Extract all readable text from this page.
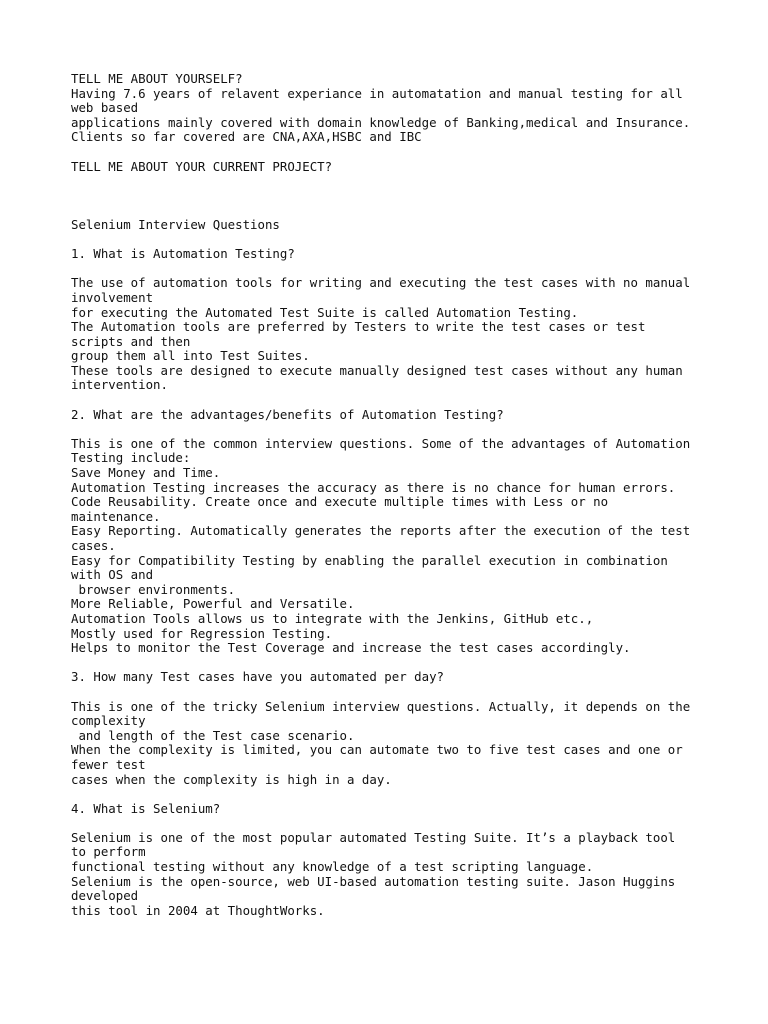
TELL ME ABOUT YOURSELF?
Having 7.6 years of relavent experiance in automatation and manual testing for all
web based
applications mainly covered with domain knowledge of Banking,medical and Insurance.
Clients so far covered are CNA,AXA,HSBC and IBC
TELL ME ABOUT YOUR CURRENT PROJECT?
Selenium Interview Questions
1. What is Automation Testing?
The use of automation tools for writing and executing the test cases with no manual
involvement
for executing the Automated Test Suite is called Automation Testing.
The Automation tools are preferred by Testers to write the test cases or test
scripts and then
group them all into Test Suites.
These tools are designed to execute manually designed test cases without any human
intervention.
2. What are the advantages/benefits of Automation Testing?
This is one of the common interview questions. Some of the advantages of Automation
Testing include:
Save Money and Time.
Automation Testing increases the accuracy as there is no chance for human errors.
Code Reusability. Create once and execute multiple times with Less or no
maintenance.
Easy Reporting. Automatically generates the reports after the execution of the test
cases.
Easy for Compatibility Testing by enabling the parallel execution in combination
with OS and
browser environments.
More Reliable, Powerful and Versatile.
Automation Tools allows us to integrate with the Jenkins, GitHub etc.,
Mostly used for Regression Testing.
Helps to monitor the Test Coverage and increase the test cases accordingly.
3. How many Test cases have you automated per day?
This is one of the tricky Selenium interview questions. Actually, it depends on the
complexity
and length of the Test case scenario.
When the complexity is limited, you can automate two to five test cases and one or
fewer test
cases when the complexity is high in a day.
4. What is Selenium?
Selenium is one of the most popular automated Testing Suite. It’s a playback tool
to perform
functional testing without any knowledge of a test scripting language.
Selenium is the open-source, web UI-based automation testing suite. Jason Huggins
developed
this tool in 2004 at ThoughtWorks.
